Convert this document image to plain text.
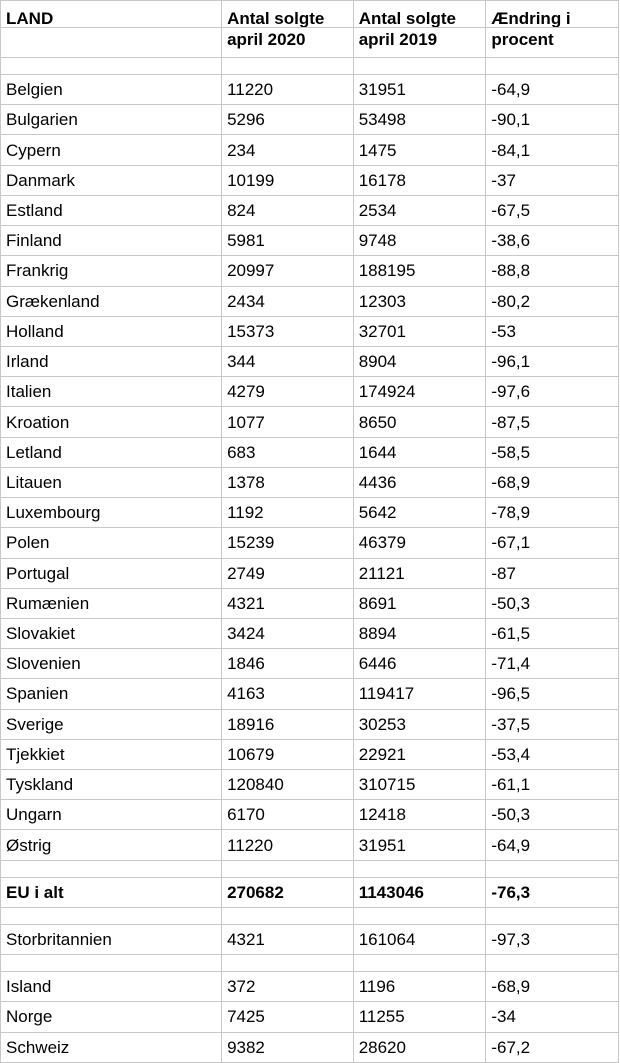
LAND	Antal solgte	Antal solgte	Ændring i
	april 2020	april 2019	procent

Belgien	11220	31951	-64,9
Bulgarien	5296	53498	-90,1
Cypern	234	1475	-84,1
Danmark	10199	16178	-37
Estland	824	2534	-67,5
Finland	5981	9748	-38,6
Frankrig	20997	188195	-88,8
Grækenland	2434	12303	-80,2
Holland	15373	32701	-53
Irland	344	8904	-96,1
Italien	4279	174924	-97,6
Kroation	1077	8650	-87,5
Letland	683	1644	-58,5
Litauen	1378	4436	-68,9
Luxembourg	1192	5642	-78,9
Polen	15239	46379	-67,1
Portugal	2749	21121	-87
Rumænien	4321	8691	-50,3
Slovakiet	3424	8894	-61,5
Slovenien	1846	6446	-71,4
Spanien	4163	119417	-96,5
Sverige	18916	30253	-37,5
Tjekkiet	10679	22921	-53,4
Tyskland	120840	310715	-61,1
Ungarn	6170	12418	-50,3
Østrig	11220	31951	-64,9

EU i alt	270682	1143046	-76,3

Storbritannien	4321	161064	-97,3

Island	372	1196	-68,9
Norge	7425	11255	-34
Schweiz	9382	28620	-67,2
